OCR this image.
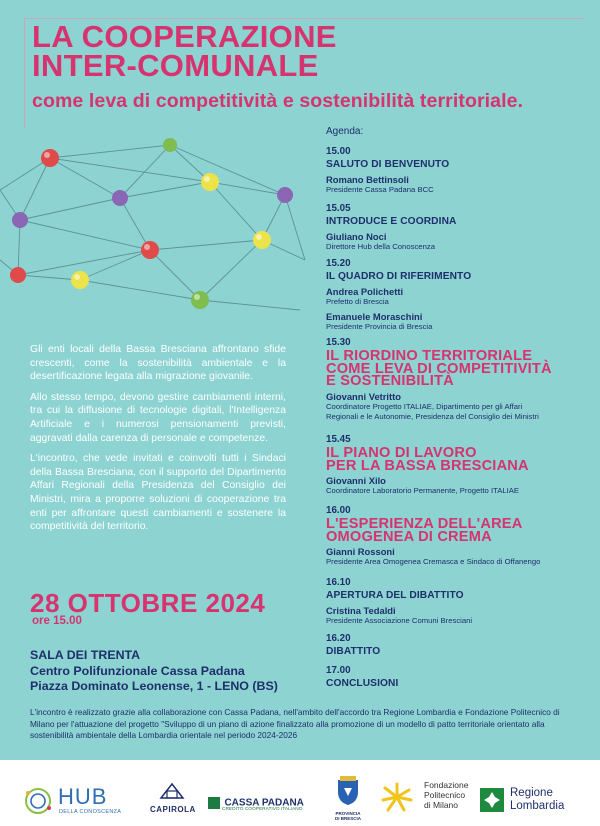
LA COOPERAZIONE
INTER-COMUNALE
come leva di competitività e sostenibilità territoriale.

Gli enti locali della Bassa Bresciana affrontano sfide crescenti, come la sostenibilità ambientale e la desertificazione legata alla migrazione giovanile.

Allo stesso tempo, devono gestire cambiamenti interni, tra cui la diffusione di tecnologie digitali, l'Intelligenza Artificiale e i numerosi pensionamenti previsti, aggravati dalla carenza di personale e competenze.

L'incontro, che vede invitati e coinvolti tutti i Sindaci della Bassa Bresciana, con il supporto del Dipartimento Affari Regionali della Presidenza del Consiglio dei Ministri, mira a proporre soluzioni di cooperazione tra enti per affrontare questi cambiamenti e sostenere la competitività del territorio.

28 OTTOBRE 2024
ore 15.00
SALA DEI TRENTA
Centro Polifunzionale Cassa Padana
Piazza Dominato Leonense, 1 - LENO (BS)
Agenda:
15.00
SALUTO DI BENVENUTO
Romano Bettinsoli
Presidente Cassa Padana BCC
15.05
INTRODUCE E COORDINA
Giuliano Noci
Direttore Hub della Conoscenza
15.20
IL QUADRO DI RIFERIMENTO
Andrea Polichetti
Prefetto di Brescia
Emanuele Moraschini
Presidente Provincia di Brescia
15.30
IL RIORDINO TERRITORIALE
COME LEVA DI COMPETITIVITÀ
E SOSTENIBILITÀ
Giovanni Vetritto
Coordinatore Progetto ITALIAE, Dipartimento per gli Affari
Regionali e le Autonomie, Presidenza del Consiglio dei Ministri
15.45
IL PIANO DI LAVORO
PER LA BASSA BRESCIANA
Giovanni Xilo
Coordinatore Laboratorio Permanente, Progetto ITALIAE
16.00
L'ESPERIENZA DELL'AREA
OMOGENEA DI CREMA
Gianni Rossoni
Presidente Area Omogenea Cremasca e Sindaco di Offanengo
16.10
APERTURA DEL DIBATTITO
Cristina Tedaldi
Presidente Associazione Comuni Bresciani
16.20
DIBATTITO
17.00
CONCLUSIONI
L'incontro è realizzato grazie alla collaborazione con Cassa Padana, nell'ambito dell'accordo tra Regione Lombardia e Fondazione Politecnico di Milano per l'attuazione del progetto "Sviluppo di un piano di azione finalizzato alla promozione di un modello di patto territoriale orientato alla sostenibilità ambientale della Lombardia orientale nel periodo 2024-2026
HUB
DELLA CONOSCENZA	CAPIROLA
CASSA PADANA
CREDITO COOPERATIVO ITALIANO
PROVINCIA DI BRESCIA
Fondazione
Politecnico
di Milano
Regione
Lombardia
